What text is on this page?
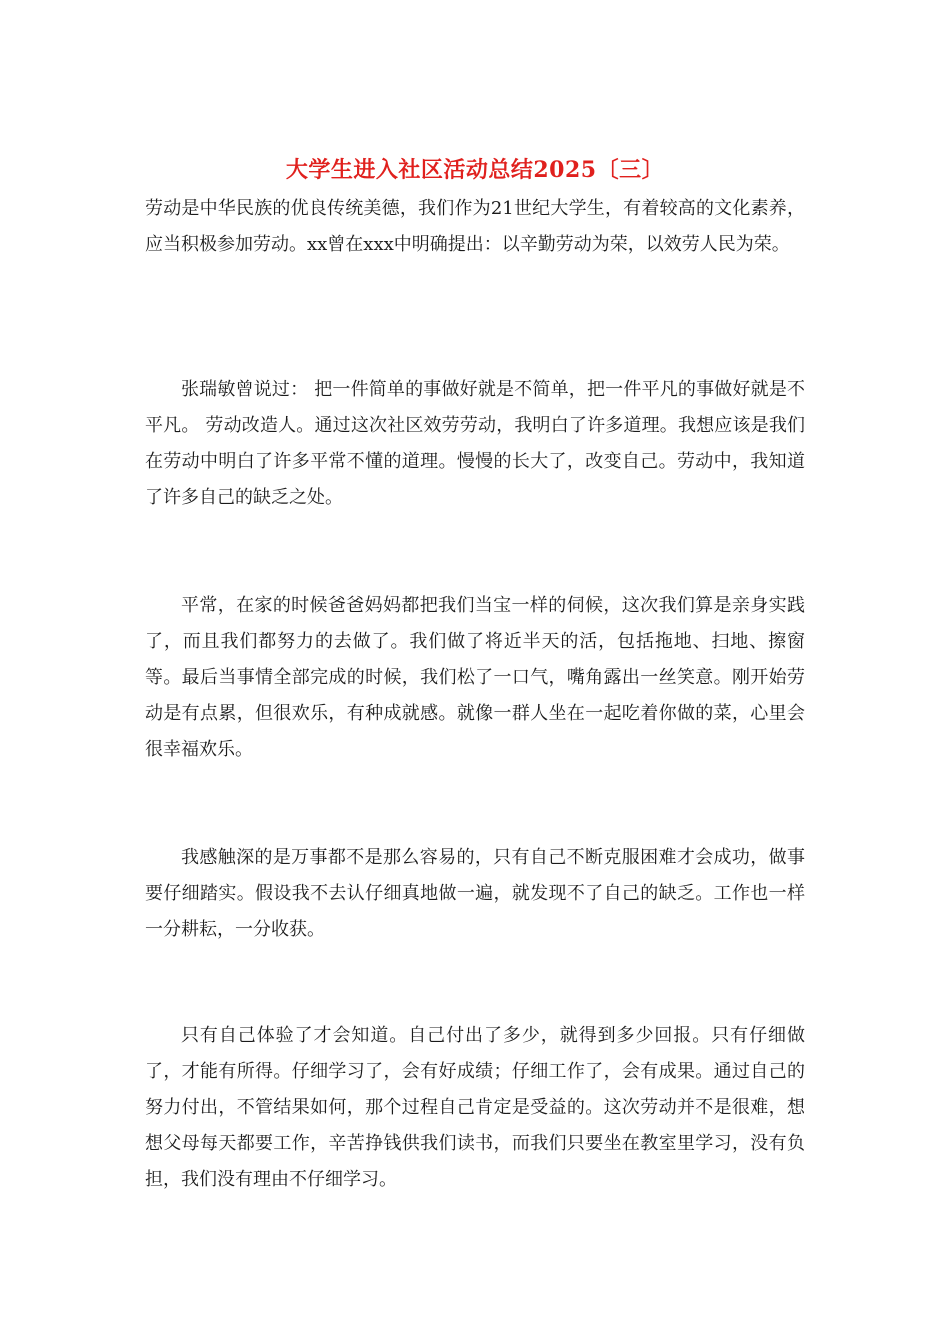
大学生进入社区活动总结2025〔三〕

劳动是中华民族的优良传统美德，我们作为21世纪大学生，有着较高的文化素养，应当积极参加劳动。xx曾在xxx中明确提出：以辛勤劳动为荣，以效劳人民为荣。

张瑞敏曾说过： 把一件简单的事做好就是不简单，把一件平凡的事做好就是不平凡。 劳动改造人。通过这次社区效劳劳动，我明白了许多道理。我想应该是我们在劳动中明白了许多平常不懂的道理。慢慢的长大了，改变自己。劳动中，我知道了许多自己的缺乏之处。

平常，在家的时候爸爸妈妈都把我们当宝一样的伺候，这次我们算是亲身实践了，而且我们都努力的去做了。我们做了将近半天的活，包括拖地、扫地、擦窗等。最后当事情全部完成的时候，我们松了一口气，嘴角露出一丝笑意。刚开始劳动是有点累，但很欢乐，有种成就感。就像一群人坐在一起吃着你做的菜，心里会很幸福欢乐。

我感触深的是万事都不是那么容易的，只有自己不断克服困难才会成功，做事要仔细踏实。假设我不去认仔细真地做一遍，就发现不了自己的缺乏。工作也一样 一分耕耘，一分收获。

只有自己体验了才会知道。自己付出了多少，就得到多少回报。只有仔细做了，才能有所得。仔细学习了，会有好成绩；仔细工作了，会有成果。通过自己的努力付出，不管结果如何，那个过程自己肯定是受益的。这次劳动并不是很难，想想父母每天都要工作，辛苦挣钱供我们读书，而我们只要坐在教室里学习，没有负担，我们没有理由不仔细学习。
